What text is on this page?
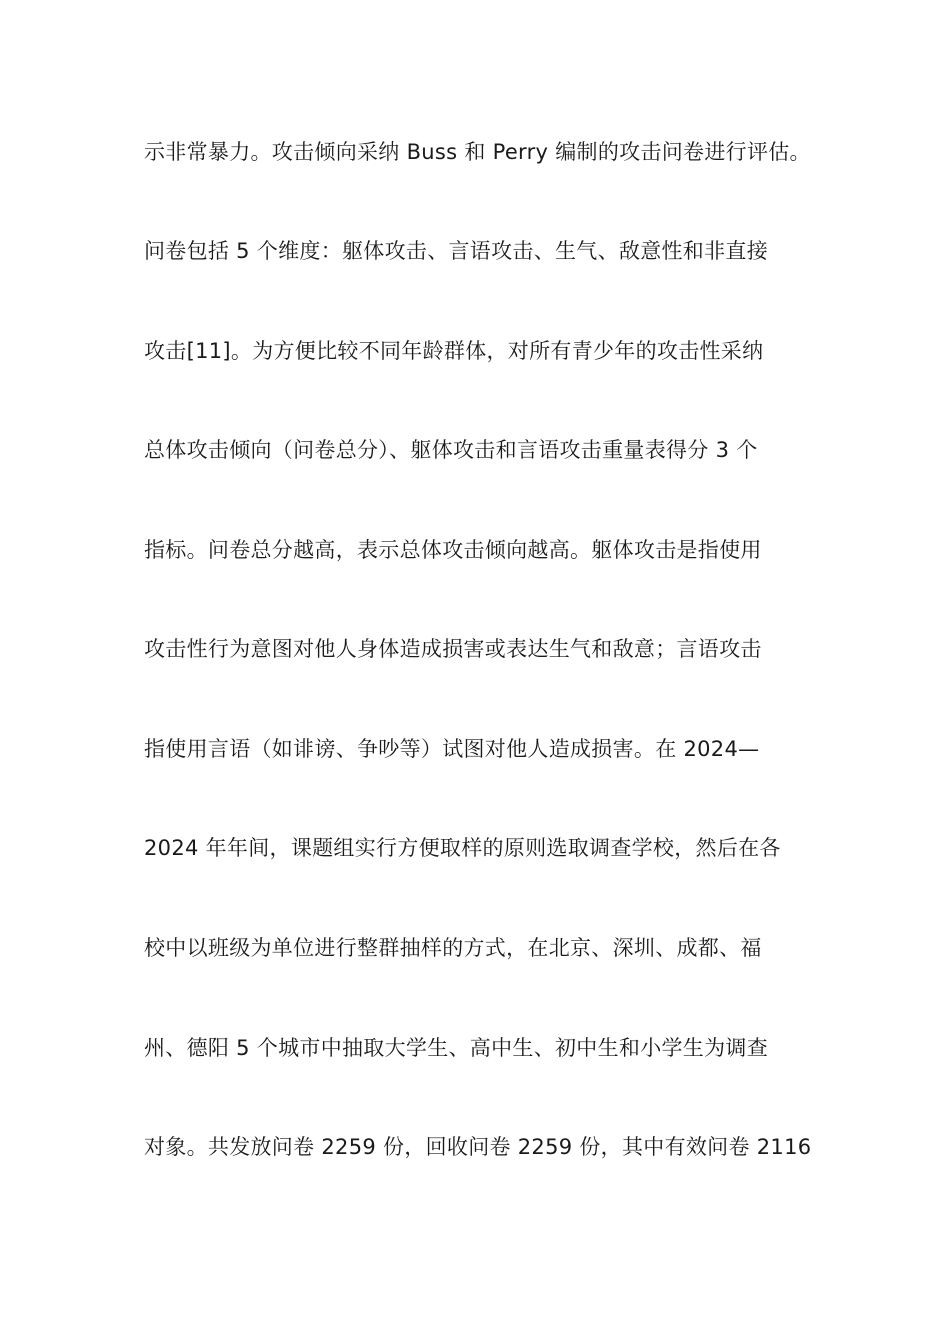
示非常暴力。攻击倾向采纳 Buss 和 Perry 编制的攻击问卷进行评估。
问卷包括 5 个维度：躯体攻击、言语攻击、生气、敌意性和非直接
攻击[11]。为方便比较不同年龄群体，对所有青少年的攻击性采纳
总体攻击倾向（问卷总分）、躯体攻击和言语攻击重量表得分 3 个
指标。问卷总分越高，表示总体攻击倾向越高。躯体攻击是指使用
攻击性行为意图对他人身体造成损害或表达生气和敌意；言语攻击
指使用言语（如诽谤、争吵等）试图对他人造成损害。在 2024—
2024 年年间，课题组实行方便取样的原则选取调查学校，然后在各
校中以班级为单位进行整群抽样的方式，在北京、深圳、成都、福
州、德阳 5 个城市中抽取大学生、高中生、初中生和小学生为调查
对象。共发放问卷 2259 份，回收问卷 2259 份，其中有效问卷 2116
